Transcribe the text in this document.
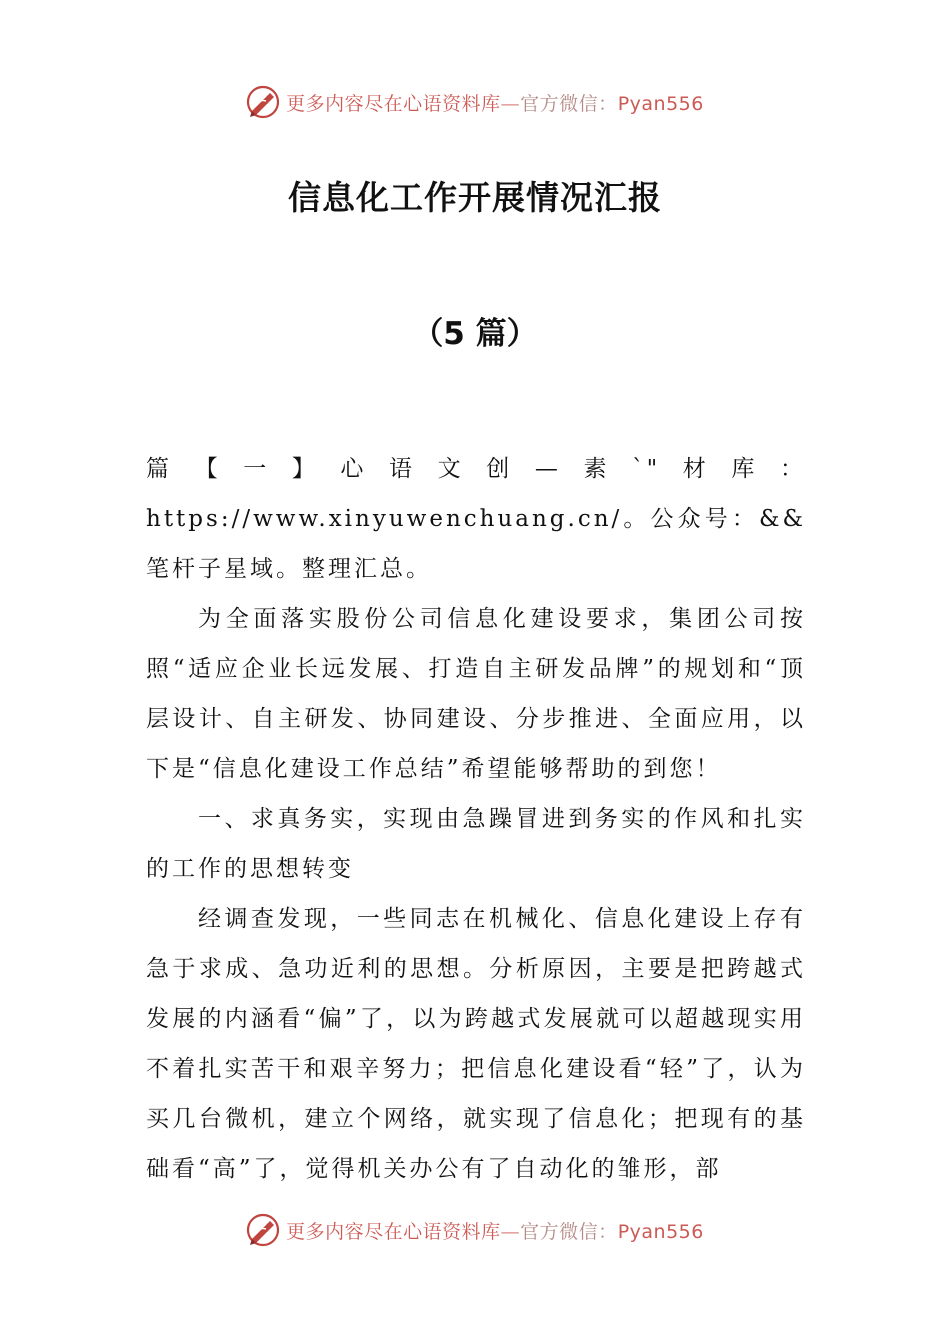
更多内容尽在心语资料库—官方微信：Pyan556
信息化工作开展情况汇报
（5 篇）

篇【一】心语文创—素`"材库：https://www.xinyuwenchuang.cn/。公众号：&&笔杆子星域。整理汇总。

为全面落实股份公司信息化建设要求，集团公司按照“适应企业长远发展、打造自主研发品牌”的规划和“顶层设计、自主研发、协同建设、分步推进、全面应用，以下是“信息化建设工作总结”希望能够帮助的到您！

一、求真务实，实现由急躁冒进到务实的作风和扎实的工作的思想转变

经调查发现，一些同志在机械化、信息化建设上存有急于求成、急功近利的思想。分析原因，主要是把跨越式发展的内涵看“偏”了，以为跨越式发展就可以超越现实用不着扎实苦干和艰辛努力；把信息化建设看“轻”了，认为买几台微机，建立个网络，就实现了信息化；把现有的基础看“高”了，觉得机关办公有了自动化的雏形，部

更多内容尽在心语资料库—官方微信：Pyan556
